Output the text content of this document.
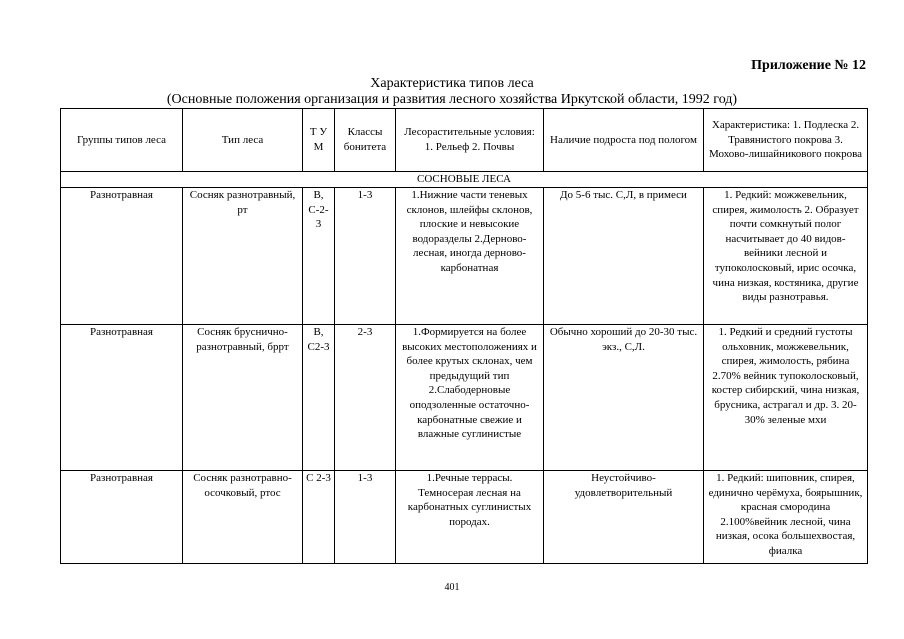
Приложение № 12
Характеристика типов леса
(Основные положения организация и развития лесного хозяйства Иркутской области, 1992 год)
Группы типов леса	Тип леса	Т У М	Классы бонитета	Лесорастительные условия: 1. Рельеф 2. Почвы	Наличие подроста под пологом	Характеристика: 1. Подлеска 2. Травянистого покрова 3. Мохово-лишайникового покрова
СОСНОВЫЕ ЛЕСА						
Разнотравная	Сосняк разнотравный, рт	В, С-2-3	1-3	1.Нижние части теневых склонов, шлейфы склонов, плоские и невысокие водоразделы 2.Дерново-лесная, иногда дерново-карбонатная	До 5-6 тыс. С,Л, в примеси	1. Редкий: можжевельник, спирея, жимолость 2. Образует почти сомкнутый полог насчитывает до 40 видов-вейники лесной и тупоколосковый, ирис осочка, чина низкая, костяника, другие виды разнотравья.
Разнотравная	Сосняк бруснично-разнотравный, бррт	В, С2-3	2-3	1.Формируется на более высоких местоположениях и более крутых склонах, чем предыдущий тип 2.Слабодерновые оподзоленные остаточно-карбонатные свежие и влажные суглинистые	Обычно хороший до 20-30 тыс. экз., С,Л.	1. Редкий и средний густоты ольховник, можжевельник, спирея, жимолость, рябина 2.70% вейник тупоколосковый, костер сибирский, чина низкая, брусника, астрагал и др. 3. 20-30% зеленые мхи
Разнотравная	Сосняк разнотравно-осочковый, ртос	С 2-3	1-3	1.Речные террасы. Темносерая лесная на карбонатных суглинистых породах.	Неустойчиво-удовлетворительный	1. Редкий: шиповник, спирея, единично черёмуха, боярышник, красная смородина 2.100%вейник лесной, чина низкая, осока большехвостая, фиалка
401
